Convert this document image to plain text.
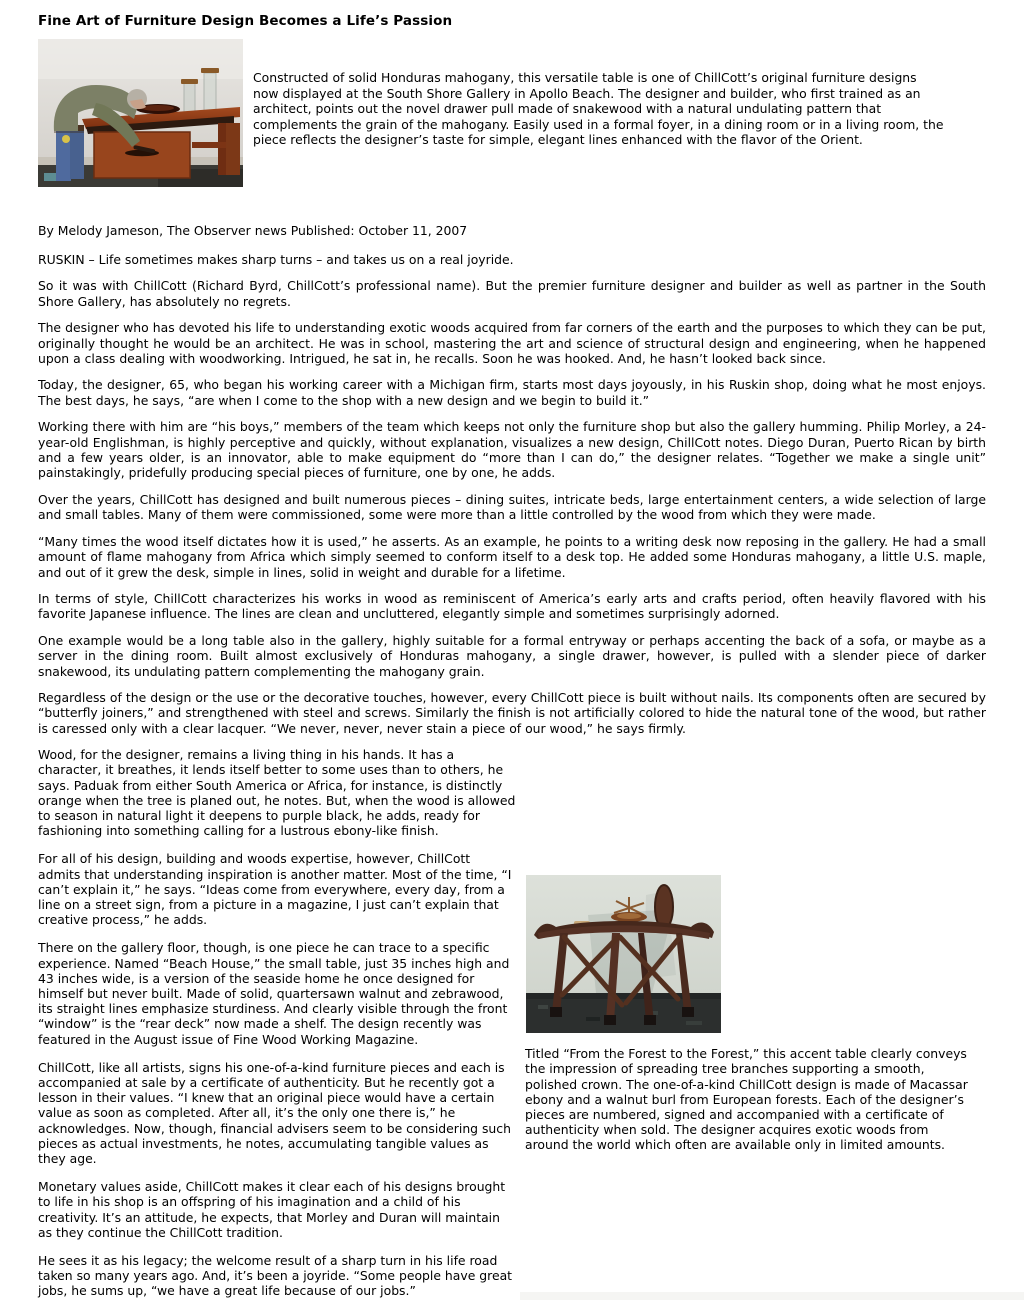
Fine Art of Furniture Design Becomes a Life’s Passion

Constructed of solid Honduras mahogany, this versatile table is one of ChillCott’s original furniture designs now displayed at the South Shore Gallery in Apollo Beach. The designer and builder, who first trained as an architect, points out the novel drawer pull made of snakewood with a natural undulating pattern that complements the grain of the mahogany. Easily used in a formal foyer, in a dining room or in a living room, the piece reflects the designer’s taste for simple, elegant lines enhanced with the flavor of the Orient.

By Melody Jameson, The Observer news Published: October 11, 2007

RUSKIN – Life sometimes makes sharp turns – and takes us on a real joyride.

So it was with ChillCott (Richard Byrd, ChillCott’s professional name). But the premier furniture designer and builder as well as partner in the South Shore Gallery, has absolutely no regrets.

The designer who has devoted his life to understanding exotic woods acquired from far corners of the earth and the purposes to which they can be put, originally thought he would be an architect. He was in school, mastering the art and science of structural design and engineering, when he happened upon a class dealing with woodworking. Intrigued, he sat in, he recalls. Soon he was hooked. And, he hasn’t looked back since.

Today, the designer, 65, who began his working career with a Michigan firm, starts most days joyously, in his Ruskin shop, doing what he most enjoys. The best days, he says, “are when I come to the shop with a new design and we begin to build it.”

Working there with him are “his boys,” members of the team which keeps not only the furniture shop but also the gallery humming. Philip Morley, a 24-year-old Englishman, is highly perceptive and quickly, without explanation, visualizes a new design, ChillCott notes. Diego Duran, Puerto Rican by birth and a few years older, is an innovator, able to make equipment do “more than I can do,” the designer relates. “Together we make a single unit” painstakingly, pridefully producing special pieces of furniture, one by one, he adds.

Over the years, ChillCott has designed and built numerous pieces – dining suites, intricate beds, large entertainment centers, a wide selection of large and small tables. Many of them were commissioned, some were more than a little controlled by the wood from which they were made.

“Many times the wood itself dictates how it is used,” he asserts. As an example, he points to a writing desk now reposing in the gallery. He had a small amount of flame mahogany from Africa which simply seemed to conform itself to a desk top. He added some Honduras mahogany, a little U.S. maple, and out of it grew the desk, simple in lines, solid in weight and durable for a lifetime.

In terms of style, ChillCott characterizes his works in wood as reminiscent of America’s early arts and crafts period, often heavily flavored with his favorite Japanese influence. The lines are clean and uncluttered, elegantly simple and sometimes surprisingly adorned.

One example would be a long table also in the gallery, highly suitable for a formal entryway or perhaps accenting the back of a sofa, or maybe as a server in the dining room. Built almost exclusively of Honduras mahogany, a single drawer, however, is pulled with a slender piece of darker snakewood, its undulating pattern complementing the mahogany grain.

Regardless of the design or the use or the decorative touches, however, every ChillCott piece is built without nails. Its components often are secured by “butterfly joiners,” and strengthened with steel and screws. Similarly the finish is not artificially colored to hide the natural tone of the wood, but rather is caressed only with a clear lacquer. “We never, never, never stain a piece of our wood,” he says firmly.

Wood, for the designer, remains a living thing in his hands. It has a character, it breathes, it lends itself better to some uses than to others, he says. Paduak from either South America or Africa, for instance, is distinctly orange when the tree is planed out, he notes. But, when the wood is allowed to season in natural light it deepens to purple black, he adds, ready for fashioning into something calling for a lustrous ebony-like finish.

For all of his design, building and woods expertise, however, ChillCott admits that understanding inspiration is another matter. Most of the time, “I can’t explain it,” he says. “Ideas come from everywhere, every day, from a line on a street sign, from a picture in a magazine, I just can’t explain that creative process,” he adds.

There on the gallery floor, though, is one piece he can trace to a specific experience. Named “Beach House,” the small table, just 35 inches high and 43 inches wide, is a version of the seaside home he once designed for himself but never built. Made of solid, quartersawn walnut and zebrawood, its straight lines emphasize sturdiness. And clearly visible through the front “window” is the “rear deck” now made a shelf. The design recently was featured in the August issue of Fine Wood Working Magazine.

ChillCott, like all artists, signs his one-of-a-kind furniture pieces and each is accompanied at sale by a certificate of authenticity. But he recently got a lesson in their values. “I knew that an original piece would have a certain value as soon as completed. After all, it’s the only one there is,” he acknowledges. Now, though, financial advisers seem to be considering such pieces as actual investments, he notes, accumulating tangible values as they age.

Monetary values aside, ChillCott makes it clear each of his designs brought to life in his shop is an offspring of his imagination and a child of his creativity. It’s an attitude, he expects, that Morley and Duran will maintain as they continue the ChillCott tradition.

He sees it as his legacy; the welcome result of a sharp turn in his life road taken so many years ago. And, it’s been a joyride. “Some people have great jobs, he sums up, “we have a great life because of our jobs.”

Titled “From the Forest to the Forest,” this accent table clearly conveys the impression of spreading tree branches supporting a smooth, polished crown. The one-of-a-kind ChillCott design is made of Macassar ebony and a walnut burl from European forests. Each of the designer’s pieces are numbered, signed and accompanied with a certificate of authenticity when sold. The designer acquires exotic woods from around the world which often are available only in limited amounts.
